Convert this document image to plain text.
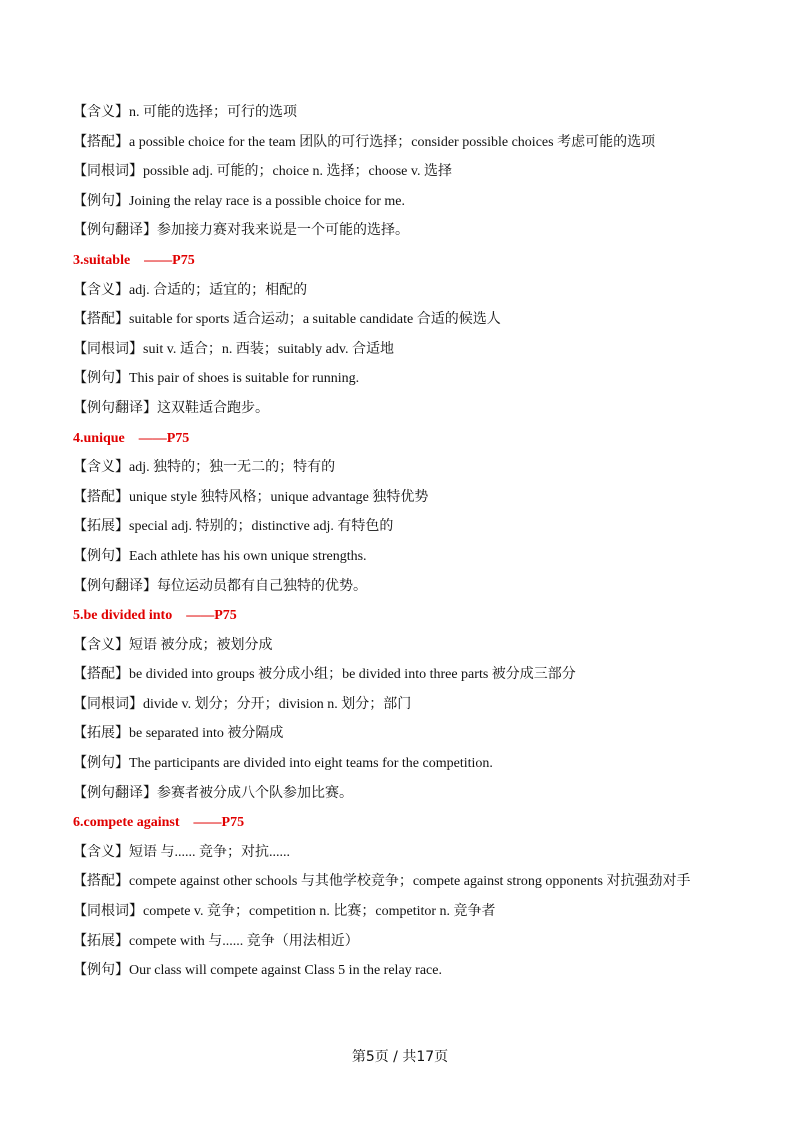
【含义】n. 可能的选择；可行的选项
【搭配】a possible choice for the team 团队的可行选择；consider possible choices 考虑可能的选项
【同根词】possible adj. 可能的；choice n. 选择；choose v. 选择
【例句】Joining the relay race is a possible choice for me.
【例句翻译】参加接力赛对我来说是一个可能的选择。
3.suitable    ——P75
【含义】adj. 合适的；适宜的；相配的
【搭配】suitable for sports 适合运动；a suitable candidate 合适的候选人
【同根词】suit v. 适合；n. 西装；suitably adv. 合适地
【例句】This pair of shoes is suitable for running.
【例句翻译】这双鞋适合跑步。
4.unique    ——P75
【含义】adj. 独特的；独一无二的；特有的
【搭配】unique style 独特风格；unique advantage 独特优势
【拓展】special adj. 特别的；distinctive adj. 有特色的
【例句】Each athlete has his own unique strengths.
【例句翻译】每位运动员都有自己独特的优势。
5.be divided into    ——P75
【含义】短语 被分成；被划分成
【搭配】be divided into groups 被分成小组；be divided into three parts 被分成三部分
【同根词】divide v. 划分；分开；division n. 划分；部门
【拓展】be separated into 被分隔成
【例句】The participants are divided into eight teams for the competition.
【例句翻译】参赛者被分成八个队参加比赛。
6.compete against    ——P75
【含义】短语 与...... 竞争；对抗......
【搭配】compete against other schools 与其他学校竞争；compete against strong opponents 对抗强劲对手
【同根词】compete v. 竞争；competition n. 比赛；competitor n. 竞争者
【拓展】compete with 与...... 竞争（用法相近）
【例句】Our class will compete against Class 5 in the relay race.
第5页 / 共17页
